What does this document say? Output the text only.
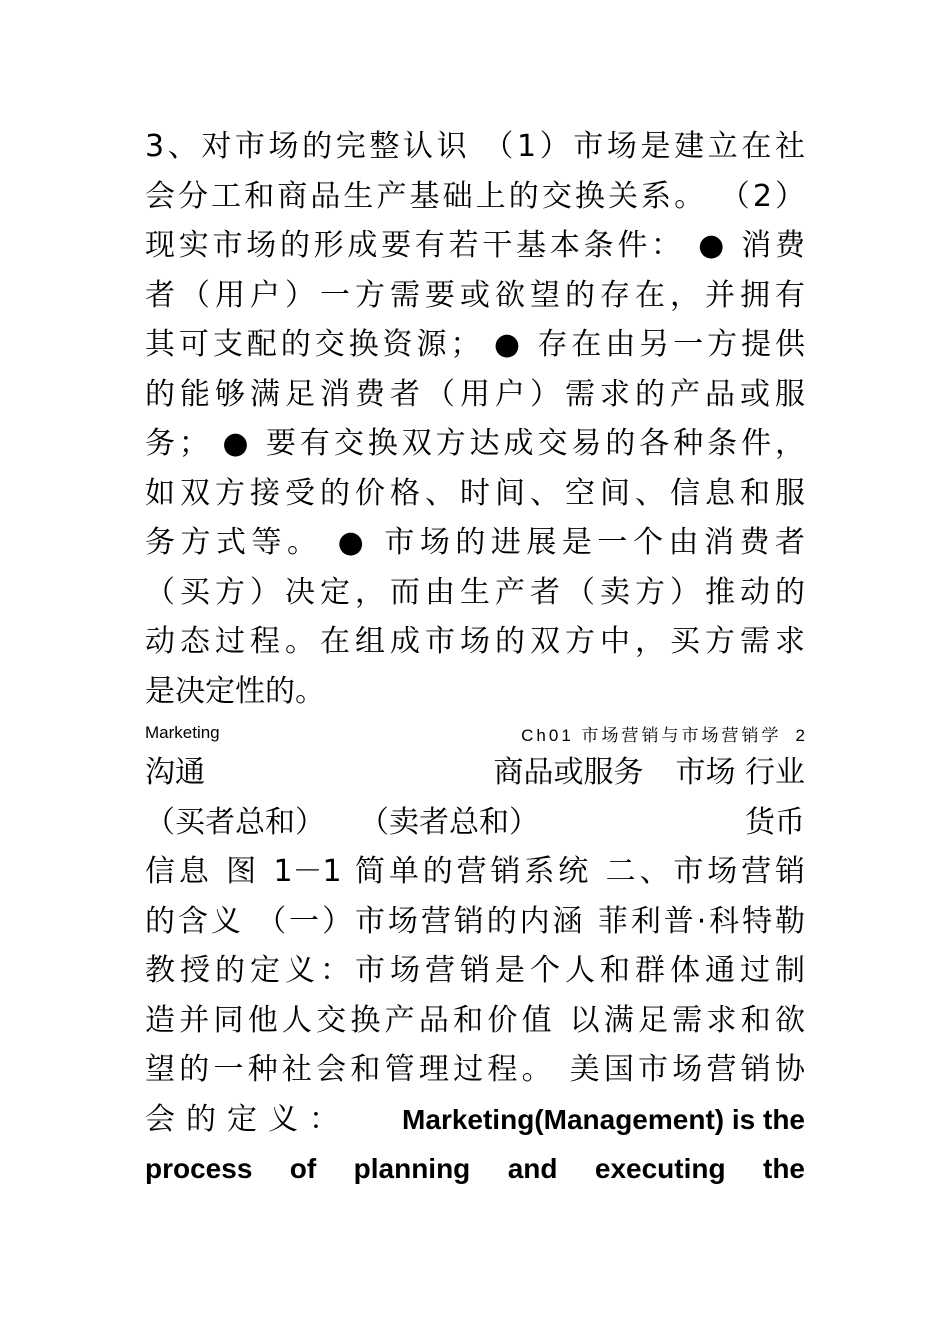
3、对市场的完整认识 （1）市场是建立在社
会分工和商品生产基础上的交换关系。 （2）
现实市场的形成要有若干基本条件： ● 消费
者（用户）一方需要或欲望的存在，并拥有
其可支配的交换资源； ● 存在由另一方提供
的能够满足消费者（用户）需求的产品或服
务； ● 要有交换双方达成交易的各种条件，
如双方接受的价格、时间、空间、信息和服
务方式等。 ● 市场的进展是一个由消费者
（买方）决定，而由生产者（卖方）推动的
动态过程。在组成市场的双方中，买方需求
是决定性的。
Marketing	Ch01 市场营销与市场营销学 2
沟通	商品或服务 市场 行业
（买者总和） （卖者总和）	货币
信息 图 1－1 简单的营销系统 二、市场营销
的含义 （一）市场营销的内涵 菲利普·科特勒
教授的定义：市场营销是个人和群体通过制
造并同他人交换产品和价值 以满足需求和欲
望的一种社会和管理过程。 美国市场营销协
会的定义： Marketing(Management) is the
process of planning and executing the
